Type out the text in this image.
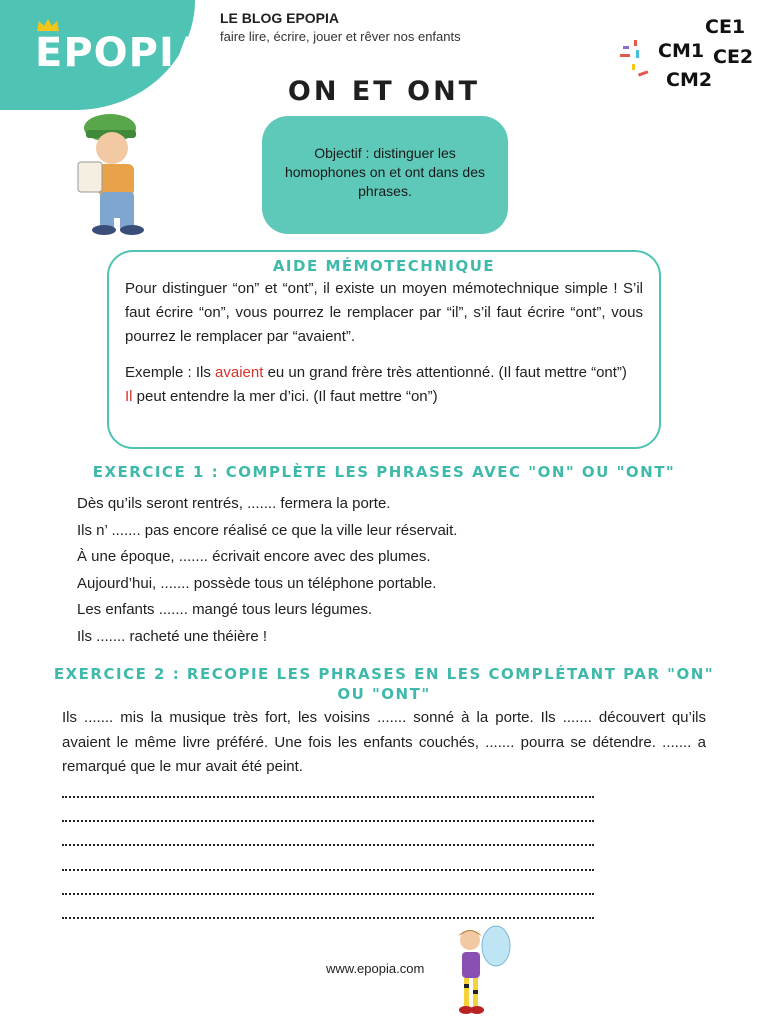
EPOPIA
LE BLOG EPOPIA
faire lire, écrire, jouer et rêver nos enfants	CE1
CM1 CE2
CM2
ON ET ONT
Objectif : distinguer les homophones on et ont dans des phrases.
AIDE MÉMOTECHNIQUE
Pour distinguer “on” et “ont”, il existe un moyen mémotechnique simple ! S’il faut écrire “on”, vous pourrez le remplacer par “il”, s’il faut écrire “ont”, vous pourrez le remplacer par “avaient”.
Exemple : Ils avaient eu un grand frère très attentionné. (Il faut mettre “ont”)
Il peut entendre la mer d’ici. (Il faut mettre “on”)
EXERCICE 1 : COMPLÈTE LES PHRASES AVEC "ON" OU "ONT"
Dès qu’ils seront rentrés, ....... fermera la porte.
Ils n’ ....... pas encore réalisé ce que la ville leur réservait.
À une époque, ....... écrivait encore avec des plumes.
Aujourd’hui, ....... possède tous un téléphone portable.
Les enfants ....... mangé tous leurs légumes.
Ils ....... racheté une théière !
EXERCICE 2 : RECOPIE LES PHRASES EN LES COMPLÉTANT PAR "ON"
OU "ONT"
Ils ....... mis la musique très fort, les voisins ....... sonné à la porte. Ils ....... découvert qu’ils avaient le même livre préféré. Une fois les enfants couchés, ....... pourra se détendre. ....... a remarqué que le mur avait été peint.
www.epopia.com
